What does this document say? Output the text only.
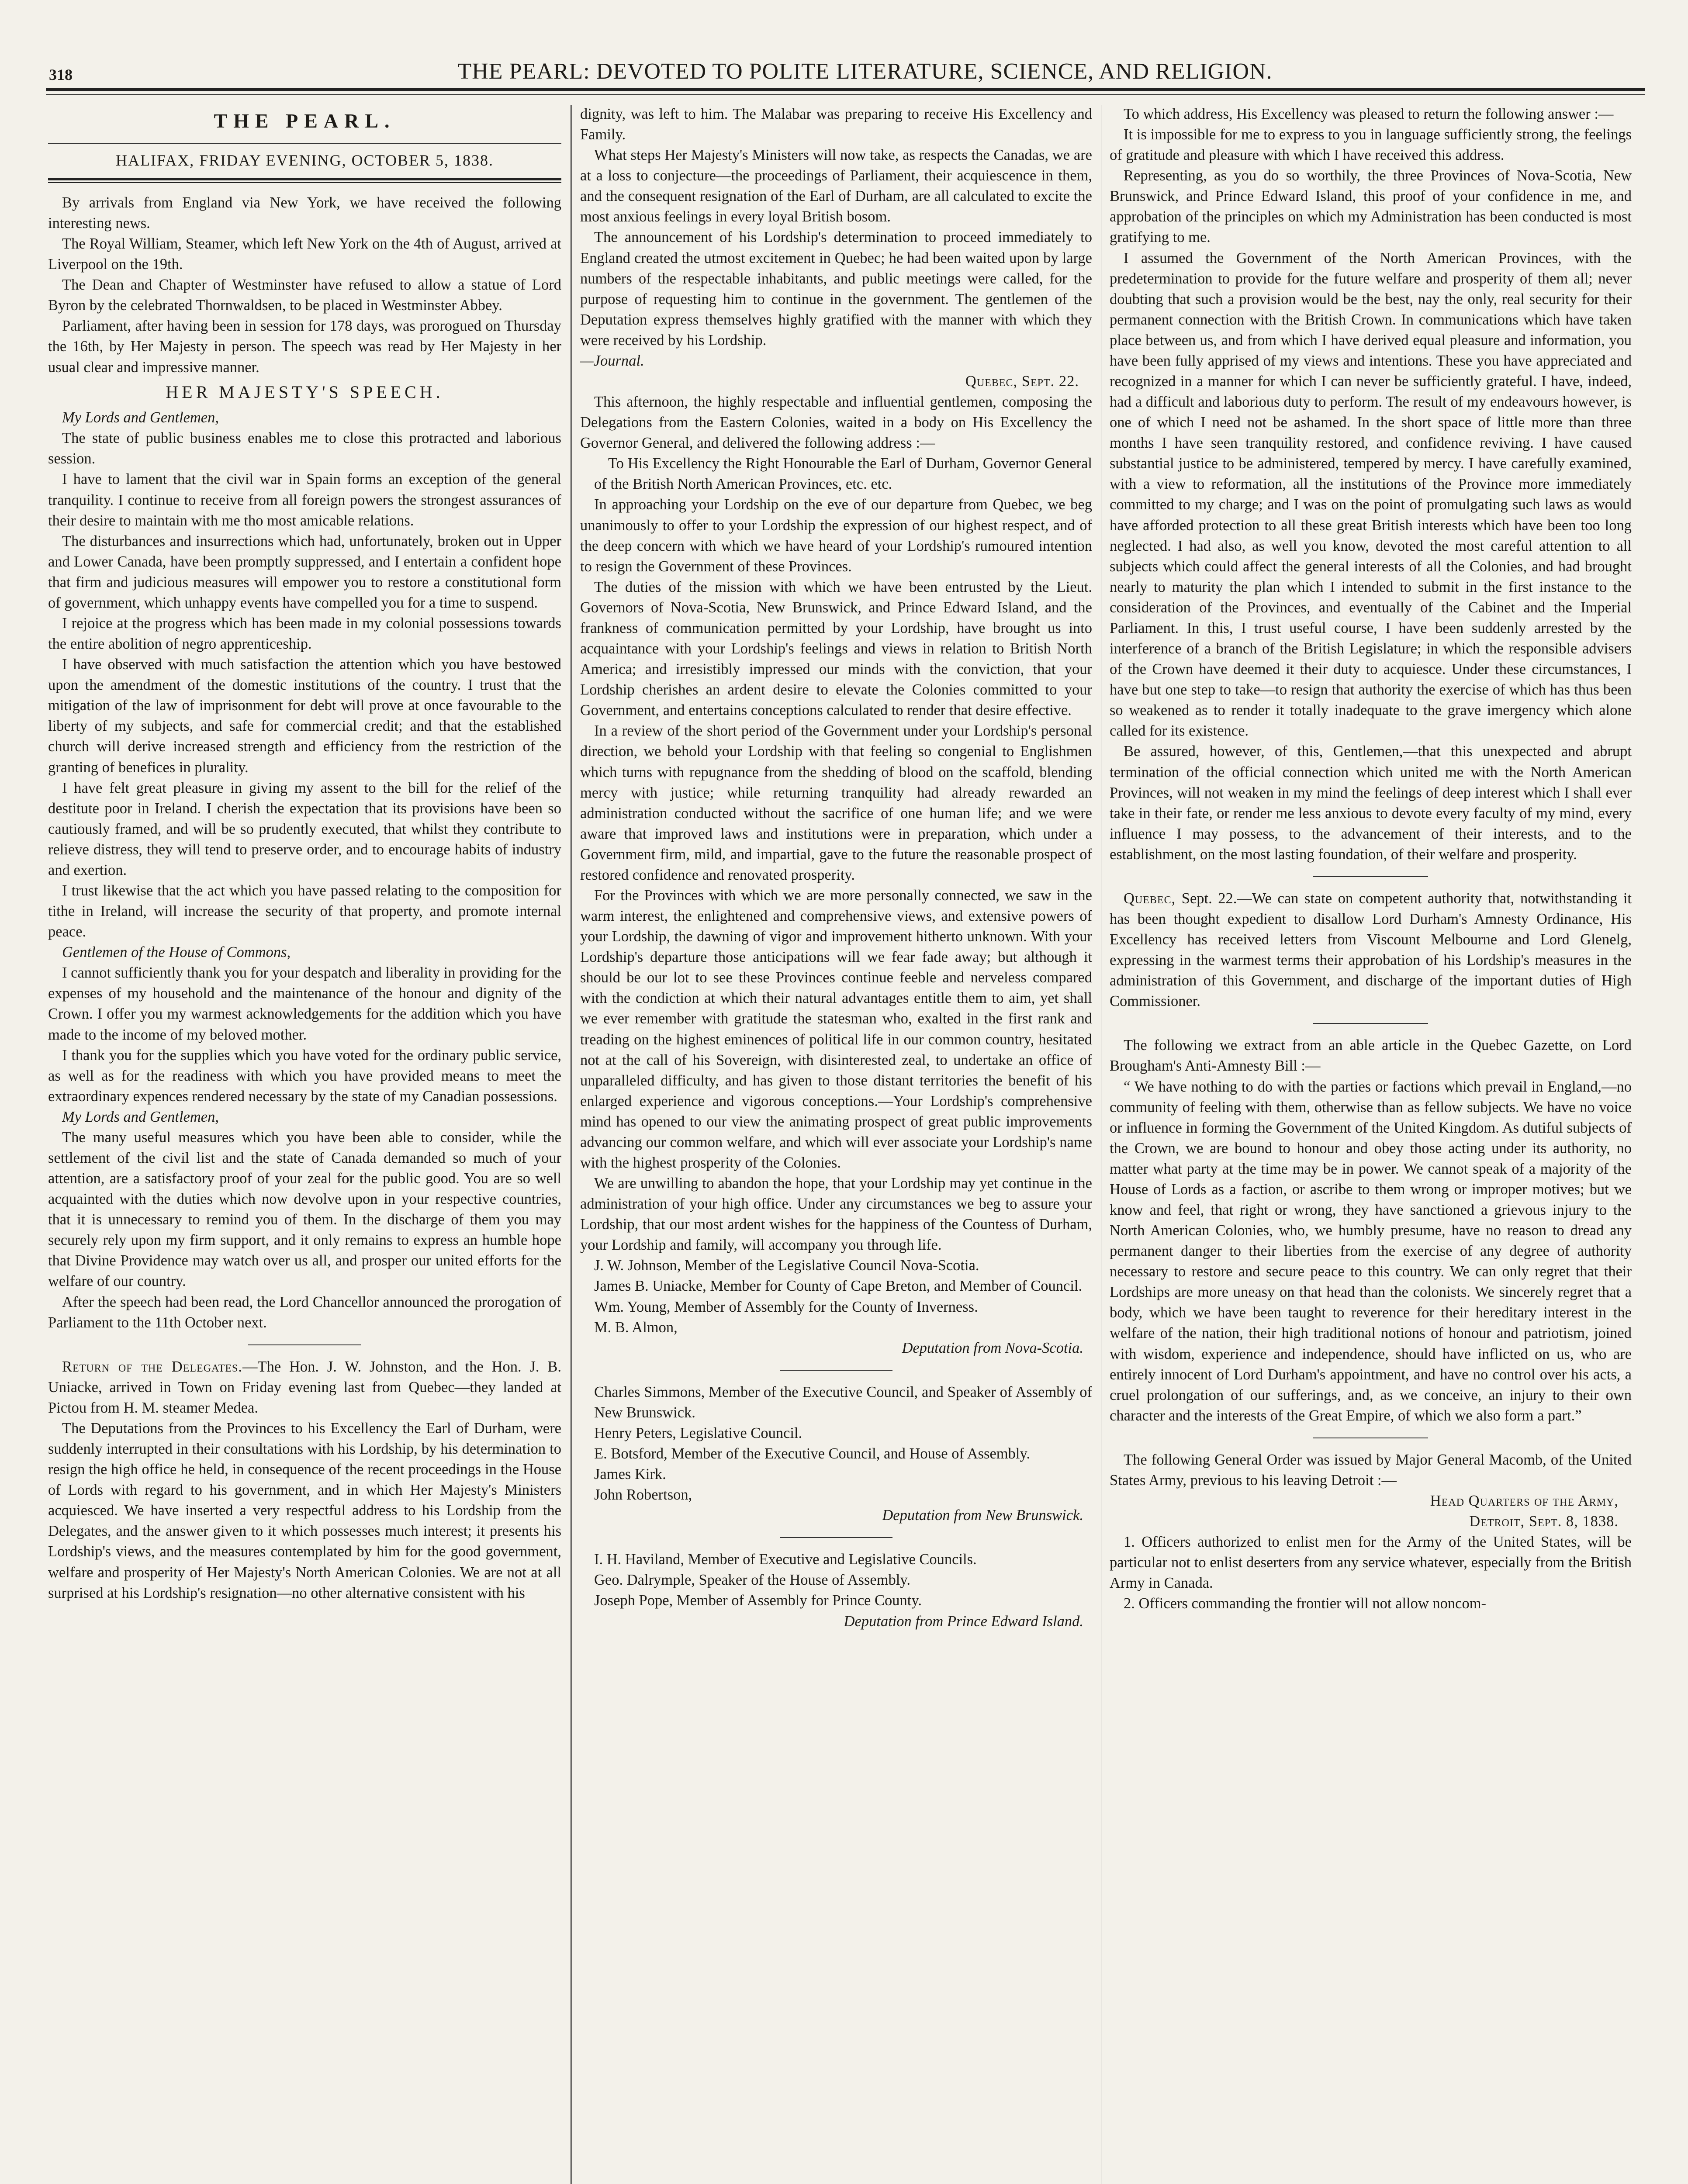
318	THE PEARL: DEVOTED TO POLITE LITERATURE, SCIENCE, AND RELIGION.
THE PEARL.
HALIFAX, FRIDAY EVENING, OCTOBER 5, 1838.

By arrivals from England via New York, we have received the following interesting news.

The Royal William, Steamer, which left New York on the 4th of August, arrived at Liverpool on the 19th.

The Dean and Chapter of Westminster have refused to allow a statue of Lord Byron by the celebrated Thornwaldsen, to be placed in Westminster Abbey.

Parliament, after having been in session for 178 days, was prorogued on Thursday the 16th, by Her Majesty in person. The speech was read by Her Majesty in her usual clear and impressive manner.

HER MAJESTY'S SPEECH.

My Lords and Gentlemen,

The state of public business enables me to close this protracted and laborious session.

I have to lament that the civil war in Spain forms an exception of the general tranquility. I continue to receive from all foreign powers the strongest assurances of their desire to maintain with me tho most amicable relations.

The disturbances and insurrections which had, unfortunately, broken out in Upper and Lower Canada, have been promptly suppressed, and I entertain a confident hope that firm and judicious measures will empower you to restore a constitutional form of government, which unhappy events have compelled you for a time to suspend.

I rejoice at the progress which has been made in my colonial possessions towards the entire abolition of negro apprenticeship.

I have observed with much satisfaction the attention which you have bestowed upon the amendment of the domestic institutions of the country. I trust that the mitigation of the law of imprisonment for debt will prove at once favourable to the liberty of my subjects, and safe for commercial credit; and that the established church will derive increased strength and efficiency from the restriction of the granting of benefices in plurality.

I have felt great pleasure in giving my assent to the bill for the relief of the destitute poor in Ireland. I cherish the expectation that its provisions have been so cautiously framed, and will be so prudently executed, that whilst they contribute to relieve distress, they will tend to preserve order, and to encourage habits of industry and exertion.

I trust likewise that the act which you have passed relating to the composition for tithe in Ireland, will increase the security of that property, and promote internal peace.

Gentlemen of the House of Commons,

I cannot sufficiently thank you for your despatch and liberality in providing for the expenses of my household and the maintenance of the honour and dignity of the Crown. I offer you my warmest acknowledgements for the addition which you have made to the income of my beloved mother.

I thank you for the supplies which you have voted for the ordinary public service, as well as for the readiness with which you have provided means to meet the extraordinary expences rendered necessary by the state of my Canadian possessions.

My Lords and Gentlemen,

The many useful measures which you have been able to consider, while the settlement of the civil list and the state of Canada demanded so much of your attention, are a satisfactory proof of your zeal for the public good. You are so well acquainted with the duties which now devolve upon in your respective countries, that it is unnecessary to remind you of them. In the discharge of them you may securely rely upon my firm support, and it only remains to express an humble hope that Divine Providence may watch over us all, and prosper our united efforts for the welfare of our country.

After the speech had been read, the Lord Chancellor announced the prorogation of Parliament to the 11th October next.

Return of the Delegates.—The Hon. J. W. Johnston, and the Hon. J. B. Uniacke, arrived in Town on Friday evening last from Quebec—they landed at Pictou from H. M. steamer Medea.

The Deputations from the Provinces to his Excellency the Earl of Durham, were suddenly interrupted in their consultations with his Lordship, by his determination to resign the high office he held, in consequence of the recent proceedings in the House of Lords with regard to his government, and in which Her Majesty's Ministers acquiesced. We have inserted a very respectful address to his Lordship from the Delegates, and the answer given to it which possesses much interest; it presents his Lordship's views, and the measures contemplated by him for the good government, welfare and prosperity of Her Majesty's North American Colonies. We are not at all surprised at his Lordship's resignation—no other alternative consistent with his

dignity, was left to him. The Malabar was preparing to receive His Excellency and Family.

What steps Her Majesty's Ministers will now take, as respects the Canadas, we are at a loss to conjecture—the proceedings of Parliament, their acquiescence in them, and the consequent resignation of the Earl of Durham, are all calculated to excite the most anxious feelings in every loyal British bosom.

The announcement of his Lordship's determination to proceed immediately to England created the utmost excitement in Quebec; he had been waited upon by large numbers of the respectable inhabitants, and public meetings were called, for the purpose of requesting him to continue in the government. The gentlemen of the Deputation express themselves highly gratified with the manner with which they were received by his Lordship.

—Journal.

Quebec, Sept. 22.

This afternoon, the highly respectable and influential gentlemen, composing the Delegations from the Eastern Colonies, waited in a body on His Excellency the Governor General, and delivered the following address :—

To His Excellency the Right Honourable the Earl of Durham, Governor General of the British North American Provinces, etc. etc.

In approaching your Lordship on the eve of our departure from Quebec, we beg unanimously to offer to your Lordship the expression of our highest respect, and of the deep concern with which we have heard of your Lordship's rumoured intention to resign the Government of these Provinces.

The duties of the mission with which we have been entrusted by the Lieut. Governors of Nova-Scotia, New Brunswick, and Prince Edward Island, and the frankness of communication permitted by your Lordship, have brought us into acquaintance with your Lordship's feelings and views in relation to British North America; and irresistibly impressed our minds with the conviction, that your Lordship cherishes an ardent desire to elevate the Colonies committed to your Government, and entertains conceptions calculated to render that desire effective.

In a review of the short period of the Government under your Lordship's personal direction, we behold your Lordship with that feeling so congenial to Englishmen which turns with repugnance from the shedding of blood on the scaffold, blending mercy with justice; while returning tranquility had already rewarded an administration conducted without the sacrifice of one human life; and we were aware that improved laws and institutions were in preparation, which under a Government firm, mild, and impartial, gave to the future the reasonable prospect of restored confidence and renovated prosperity.

For the Provinces with which we are more personally connected, we saw in the warm interest, the enlightened and comprehensive views, and extensive powers of your Lordship, the dawning of vigor and improvement hitherto unknown. With your Lordship's departure those anticipations will we fear fade away; but although it should be our lot to see these Provinces continue feeble and nerveless compared with the condiction at which their natural advantages entitle them to aim, yet shall we ever remember with gratitude the statesman who, exalted in the first rank and treading on the highest eminences of political life in our common country, hesitated not at the call of his Sovereign, with disinterested zeal, to undertake an office of unparalleled difficulty, and has given to those distant territories the benefit of his enlarged experience and vigorous conceptions.—Your Lordship's comprehensive mind has opened to our view the animating prospect of great public improvements advancing our common welfare, and which will ever associate your Lordship's name with the highest prosperity of the Colonies.

We are unwilling to abandon the hope, that your Lordship may yet continue in the administration of your high office. Under any circumstances we beg to assure your Lordship, that our most ardent wishes for the happiness of the Countess of Durham, your Lordship and family, will accompany you through life.

J. W. Johnson, Member of the Legislative Council Nova-Scotia.

James B. Uniacke, Member for County of Cape Breton, and Member of Council.

Wm. Young, Member of Assembly for the County of Inverness.

M. B. Almon,

Deputation from Nova-Scotia.

Charles Simmons, Member of the Executive Council, and Speaker of Assembly of New Brunswick.

Henry Peters, Legislative Council.

E. Botsford, Member of the Executive Council, and House of Assembly.

James Kirk.

John Robertson,

Deputation from New Brunswick.

I. H. Haviland, Member of Executive and Legislative Councils.

Geo. Dalrymple, Speaker of the House of Assembly.

Joseph Pope, Member of Assembly for Prince County.

Deputation from Prince Edward Island.

To which address, His Excellency was pleased to return the following answer :—

It is impossible for me to express to you in language sufficiently strong, the feelings of gratitude and pleasure with which I have received this address.

Representing, as you do so worthily, the three Provinces of Nova-Scotia, New Brunswick, and Prince Edward Island, this proof of your confidence in me, and approbation of the principles on which my Administration has been conducted is most gratifying to me.

I assumed the Government of the North American Provinces, with the predetermination to provide for the future welfare and prosperity of them all; never doubting that such a provision would be the best, nay the only, real security for their permanent connection with the British Crown. In communications which have taken place between us, and from which I have derived equal pleasure and information, you have been fully apprised of my views and intentions. These you have appreciated and recognized in a manner for which I can never be sufficiently grateful. I have, indeed, had a difficult and laborious duty to perform. The result of my endeavours however, is one of which I need not be ashamed. In the short space of little more than three months I have seen tranquility restored, and confidence reviving. I have caused substantial justice to be administered, tempered by mercy. I have carefully examined, with a view to reformation, all the institutions of the Province more immediately committed to my charge; and I was on the point of promulgating such laws as would have afforded protection to all these great British interests which have been too long neglected. I had also, as well you know, devoted the most careful attention to all subjects which could affect the general interests of all the Colonies, and had brought nearly to maturity the plan which I intended to submit in the first instance to the consideration of the Provinces, and eventually of the Cabinet and the Imperial Parliament. In this, I trust useful course, I have been suddenly arrested by the interference of a branch of the British Legislature; in which the responsible advisers of the Crown have deemed it their duty to acquiesce. Under these circumstances, I have but one step to take—to resign that authority the exercise of which has thus been so weakened as to render it totally inadequate to the grave imergency which alone called for its existence.

Be assured, however, of this, Gentlemen,—that this unexpected and abrupt termination of the official connection which united me with the North American Provinces, will not weaken in my mind the feelings of deep interest which I shall ever take in their fate, or render me less anxious to devote every faculty of my mind, every influence I may possess, to the advancement of their interests, and to the establishment, on the most lasting foundation, of their welfare and prosperity.

Quebec, Sept. 22.—We can state on competent authority that, notwithstanding it has been thought expedient to disallow Lord Durham's Amnesty Ordinance, His Excellency has received letters from Viscount Melbourne and Lord Glenelg, expressing in the warmest terms their approbation of his Lordship's measures in the administration of this Government, and discharge of the important duties of High Commissioner.

The following we extract from an able article in the Quebec Gazette, on Lord Brougham's Anti-Amnesty Bill :—

“ We have nothing to do with the parties or factions which prevail in England,—no community of feeling with them, otherwise than as fellow subjects. We have no voice or influence in forming the Government of the United Kingdom. As dutiful subjects of the Crown, we are bound to honour and obey those acting under its authority, no matter what party at the time may be in power. We cannot speak of a majority of the House of Lords as a faction, or ascribe to them wrong or improper motives; but we know and feel, that right or wrong, they have sanctioned a grievous injury to the North American Colonies, who, we humbly presume, have no reason to dread any permanent danger to their liberties from the exercise of any degree of authority necessary to restore and secure peace to this country. We can only regret that their Lordships are more uneasy on that head than the colonists. We sincerely regret that a body, which we have been taught to reverence for their hereditary interest in the welfare of the nation, their high traditional notions of honour and patriotism, joined with wisdom, experience and independence, should have inflicted on us, who are entirely innocent of Lord Durham's appointment, and have no control over his acts, a cruel prolongation of our sufferings, and, as we conceive, an injury to their own character and the interests of the Great Empire, of which we also form a part.”

The following General Order was issued by Major General Macomb, of the United States Army, previous to his leaving Detroit :—

Head Quarters of the Army,

Detroit, Sept. 8, 1838.

1. Officers authorized to enlist men for the Army of the United States, will be particular not to enlist deserters from any service whatever, especially from the British Army in Canada.

2. Officers commanding the frontier will not allow noncom-
